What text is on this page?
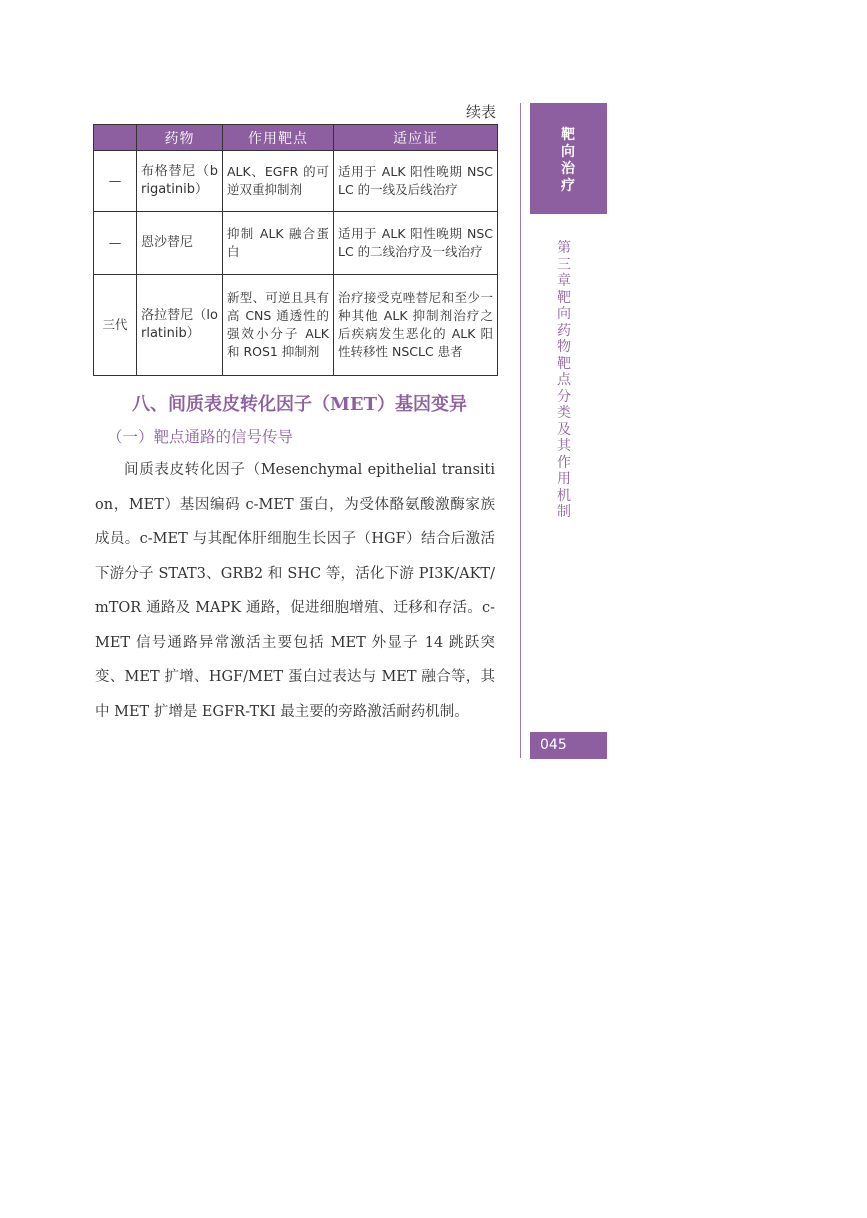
续表
	药物	作用靶点	适应证
—	布格替尼（brigatinib）	ALK、EGFR 的可逆双重抑制剂	适用于 ALK 阳性晚期 NSCLC 的一线及后线治疗
—	恩沙替尼	抑制 ALK 融合蛋白	适用于 ALK 阳性晚期 NSCLC 的二线治疗及一线治疗
三代	洛拉替尼（lorlatinib）	新型、可逆且具有高 CNS 通透性的强效小分子 ALK 和 ROS1 抑制剂	治疗接受克唑替尼和至少一种其他 ALK 抑制剂治疗之后疾病发生恶化的 ALK 阳性转移性 NSCLC 患者
八、间质表皮转化因子（MET）基因变异
（一）靶点通路的信号传导

间质表皮转化因子（Mesenchymal epithelial transition，MET）基因编码 c-MET 蛋白，为受体酪氨酸激酶家族成员。c-MET 与其配体肝细胞生长因子（HGF）结合后激活下游分子 STAT3、GRB2 和 SHC 等，活化下游 PI3K/AKT/mTOR 通路及 MAPK 通路，促进细胞增殖、迁移和存活。c-MET 信号通路异常激活主要包括 MET 外显子 14 跳跃突变、MET 扩增、HGF/MET 蛋白过表达与 MET 融合等，其中 MET 扩增是 EGFR-TKI 最主要的旁路激活耐药机制。

靶向治疗
第三章　靶向药物靶点分类及其作用机制
045
